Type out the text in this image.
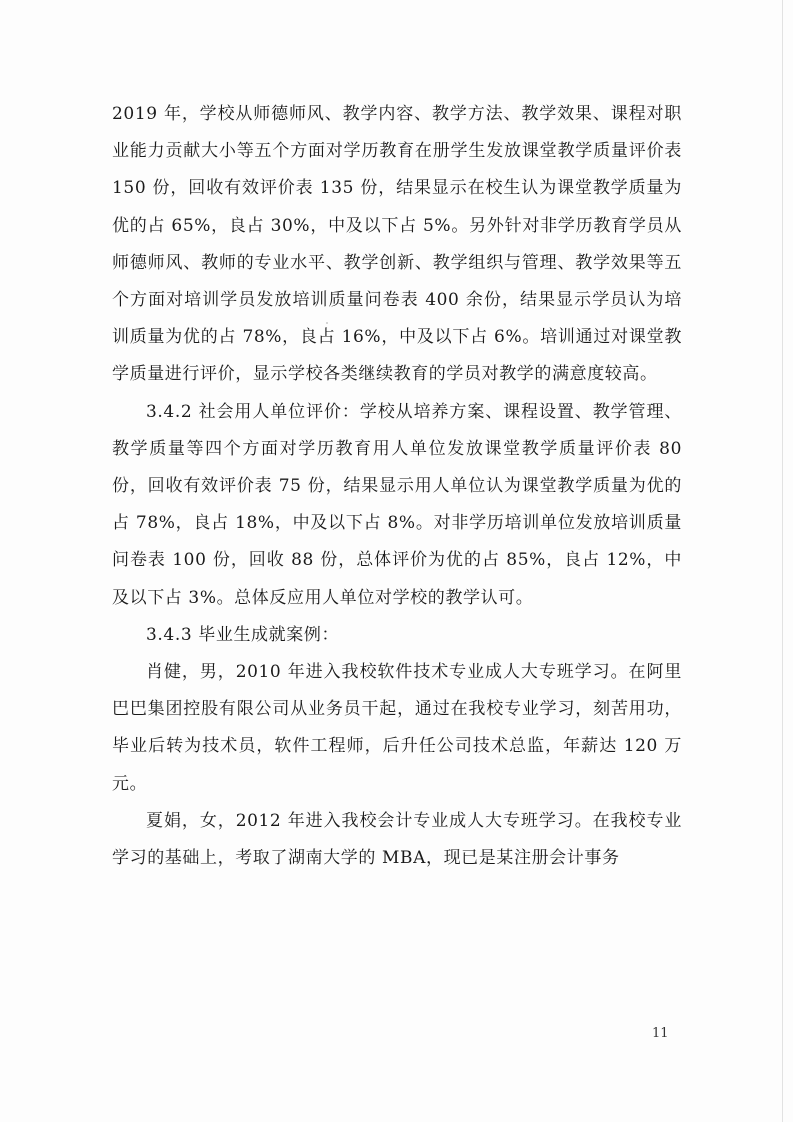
2019 年，学校从师德师风、教学内容、教学方法、教学效果、课程对职业能力贡献大小等五个方面对学历教育在册学生发放课堂教学质量评价表 150 份，回收有效评价表 135 份，结果显示在校生认为课堂教学质量为优的占 65%，良占 30%，中及以下占 5%。另外针对非学历教育学员从师德师风、教师的专业水平、教学创新、教学组织与管理、教学效果等五个方面对培训学员发放培训质量问卷表 400 余份，结果显示学员认为培训质量为优的占 78%，良占 16%，中及以下占 6%。培训通过对课堂教学质量进行评价，显示学校各类继续教育的学员对教学的满意度较高。

3.4.2 社会用人单位评价：学校从培养方案、课程设置、教学管理、教学质量等四个方面对学历教育用人单位发放课堂教学质量评价表 80 份，回收有效评价表 75 份，结果显示用人单位认为课堂教学质量为优的占 78%，良占 18%，中及以下占 8%。对非学历培训单位发放培训质量问卷表 100 份，回收 88 份，总体评价为优的占 85%，良占 12%，中及以下占 3%。总体反应用人单位对学校的教学认可。

3.4.3 毕业生成就案例：

肖健，男，2010 年进入我校软件技术专业成人大专班学习。在阿里巴巴集团控股有限公司从业务员干起，通过在我校专业学习，刻苦用功，毕业后转为技术员，软件工程师，后升任公司技术总监，年薪达 120 万元。

夏娟，女，2012 年进入我校会计专业成人大专班学习。在我校专业学习的基础上，考取了湖南大学的 MBA，现已是某注册会计事务

11
